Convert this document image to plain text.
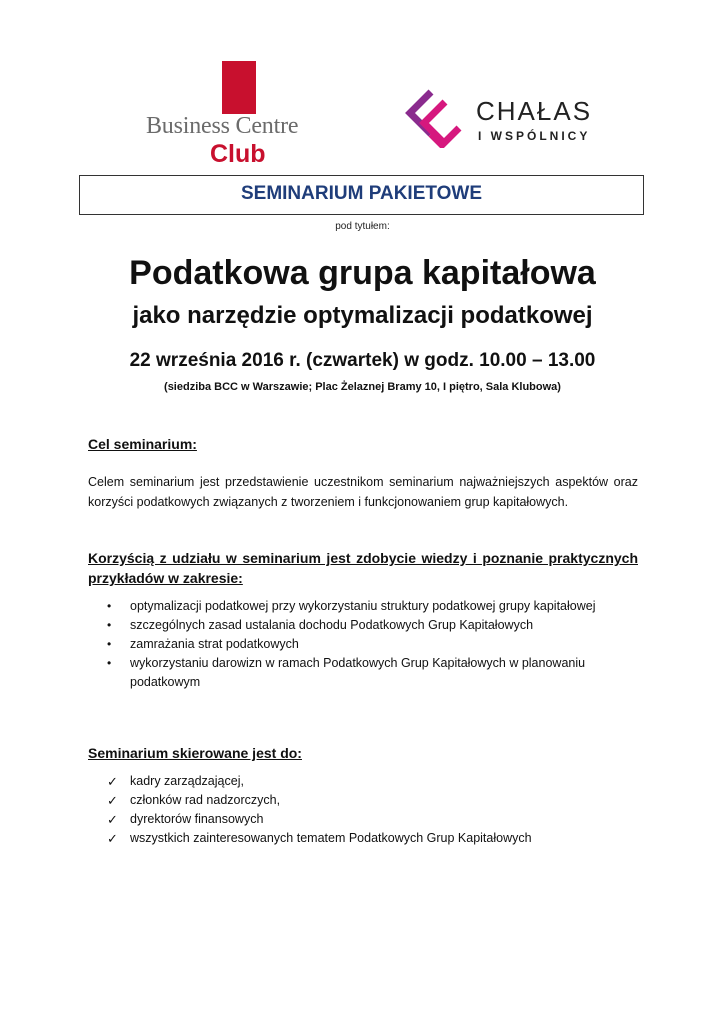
Business Centre
Club
CHAŁAS
I WSPÓLNICY
SEMINARIUM PAKIETOWE
pod tytułem:
Podatkowa grupa kapitałowa
jako narzędzie optymalizacji podatkowej
22 września 2016 r. (czwartek) w godz. 10.00 – 13.00
(siedziba BCC w Warszawie; Plac Żelaznej Bramy 10, I piętro, Sala Klubowa)
Cel seminarium:
Celem seminarium jest przedstawienie uczestnikom seminarium najważniejszych aspektów oraz korzyści podatkowych związanych z tworzeniem i funkcjonowaniem grup kapitałowych.
Korzyścią z udziału w seminarium jest zdobycie wiedzy i poznanie praktycznych przykładów w zakresie:
• optymalizacji podatkowej przy wykorzystaniu struktury podatkowej grupy kapitałowej
• szczególnych zasad ustalania dochodu Podatkowych Grup Kapitałowych
• zamrażania strat podatkowych
• wykorzystaniu darowizn w ramach Podatkowych Grup Kapitałowych w planowaniu podatkowym
Seminarium skierowane jest do:
✓ kadry zarządzającej,
✓ członków rad nadzorczych,
✓ dyrektorów finansowych
✓ wszystkich zainteresowanych tematem Podatkowych Grup Kapitałowych
